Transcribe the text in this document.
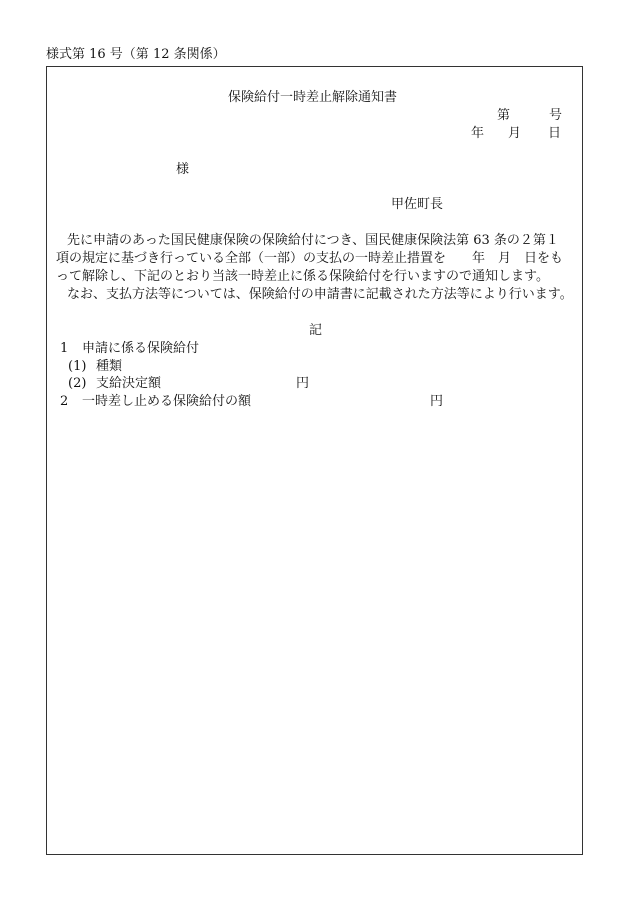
様式第 16 号（第 12 条関係）
保険給付一時差止解除通知書
第	号
年 月 日
様
甲佐町長
先に申請のあった国民健康保険の保険給付につき、国民健康保険法第 63 条の２第１
項の規定に基づき行っている全部（一部）の支払の一時差止措置を　　年　月　日をも
って解除し、下記のとおり当該一時差止に係る保険給付を行いますので通知します。
なお、支払方法等については、保険給付の申請書に記載された方法等により行います。
記
1 申請に係る保険給付
(1) 種類
(2) 支給決定額	円
2 一時差し止める保険給付の額	円
